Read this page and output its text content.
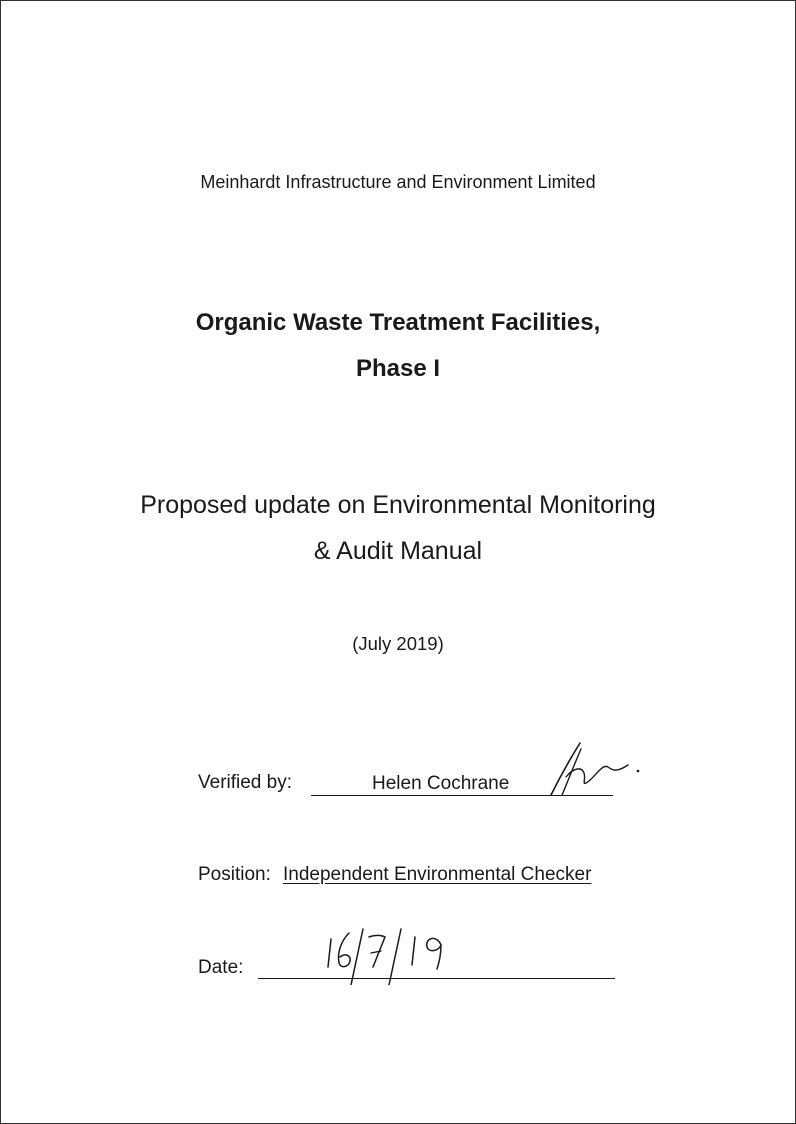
Meinhardt Infrastructure and Environment Limited
Organic Waste Treatment Facilities,
Phase I
Proposed update on Environmental Monitoring
& Audit Manual
(July 2019)
Verified by:	Helen Cochrane
Position: Independent Environmental Checker
Date:
